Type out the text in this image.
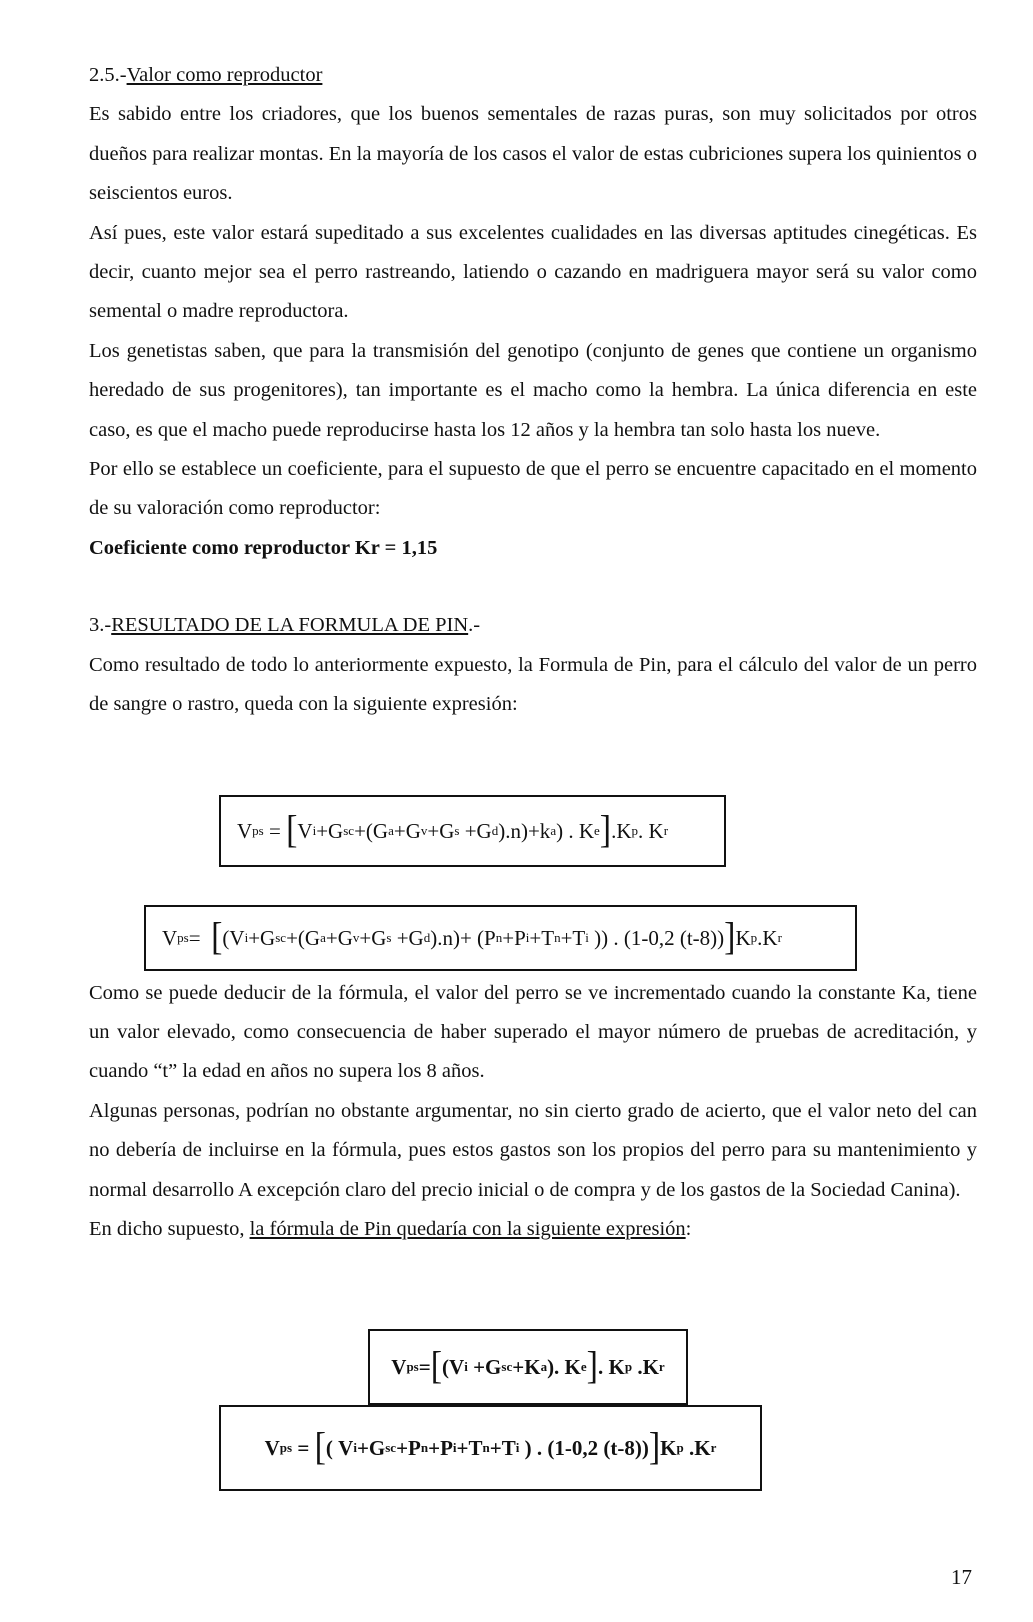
2.5.-Valor como reproductor

Es sabido entre los criadores, que los buenos sementales de razas puras, son muy solicitados por otros dueños para realizar montas. En la mayoría de los casos el valor de estas cubriciones supera los quinientos o seiscientos euros.

Así pues, este valor estará supeditado a sus excelentes cualidades en las diversas aptitudes cinegéticas. Es decir, cuanto mejor sea el perro rastreando, latiendo o cazando en madriguera mayor será su valor como semental o madre reproductora.

Los genetistas saben, que para la transmisión del genotipo (conjunto de genes que contiene un organismo heredado de sus progenitores), tan importante es el macho como la hembra. La única diferencia en este caso, es que el macho puede reproducirse hasta los 12 años y la hembra tan solo hasta los nueve.

Por ello se establece un coeficiente, para el supuesto de que el perro se encuentre capacitado en el momento de su valoración como reproductor:

Coeficiente como reproductor Kr = 1,15

3.-RESULTADO DE LA FORMULA DE PIN.-

Como resultado de todo lo anteriormente expuesto, la Formula de Pin, para el cálculo del valor de un perro de sangre o rastro, queda con la siguiente expresión:

Como se puede deducir de la fórmula, el valor del perro se ve incrementado cuando la constante Ka, tiene un valor elevado, como consecuencia de haber superado el mayor número de pruebas de acreditación, y cuando “t” la edad en años no supera los 8 años.

Algunas personas, podrían no obstante argumentar, no sin cierto grado de acierto, que el valor neto del can no debería de incluirse en la fórmula, pues estos gastos son los propios del perro para su mantenimiento y normal desarrollo A excepción claro del precio inicial o de compra y de los gastos de la Sociedad Canina).

En dicho supuesto, la fórmula de Pin quedaría con la siguiente expresión:

V ps = [ V i +G sc +(G a +G v +G s +G d ).n)+k a ) . K e ] .K p . K r
V ps = [ (V i +G sc +(G a +G v +G s +G d ).n)+ (P n +P i +T n +T i )) . (1-0,2 (t-8)) ] K p .K r
V ps = [ (V i +G sc +K a ). K e ] . K p .K r
V ps = [ ( V i +G sc +P n +P i +T n +T i ) . (1-0,2 (t-8)) ] K p .K r
17
